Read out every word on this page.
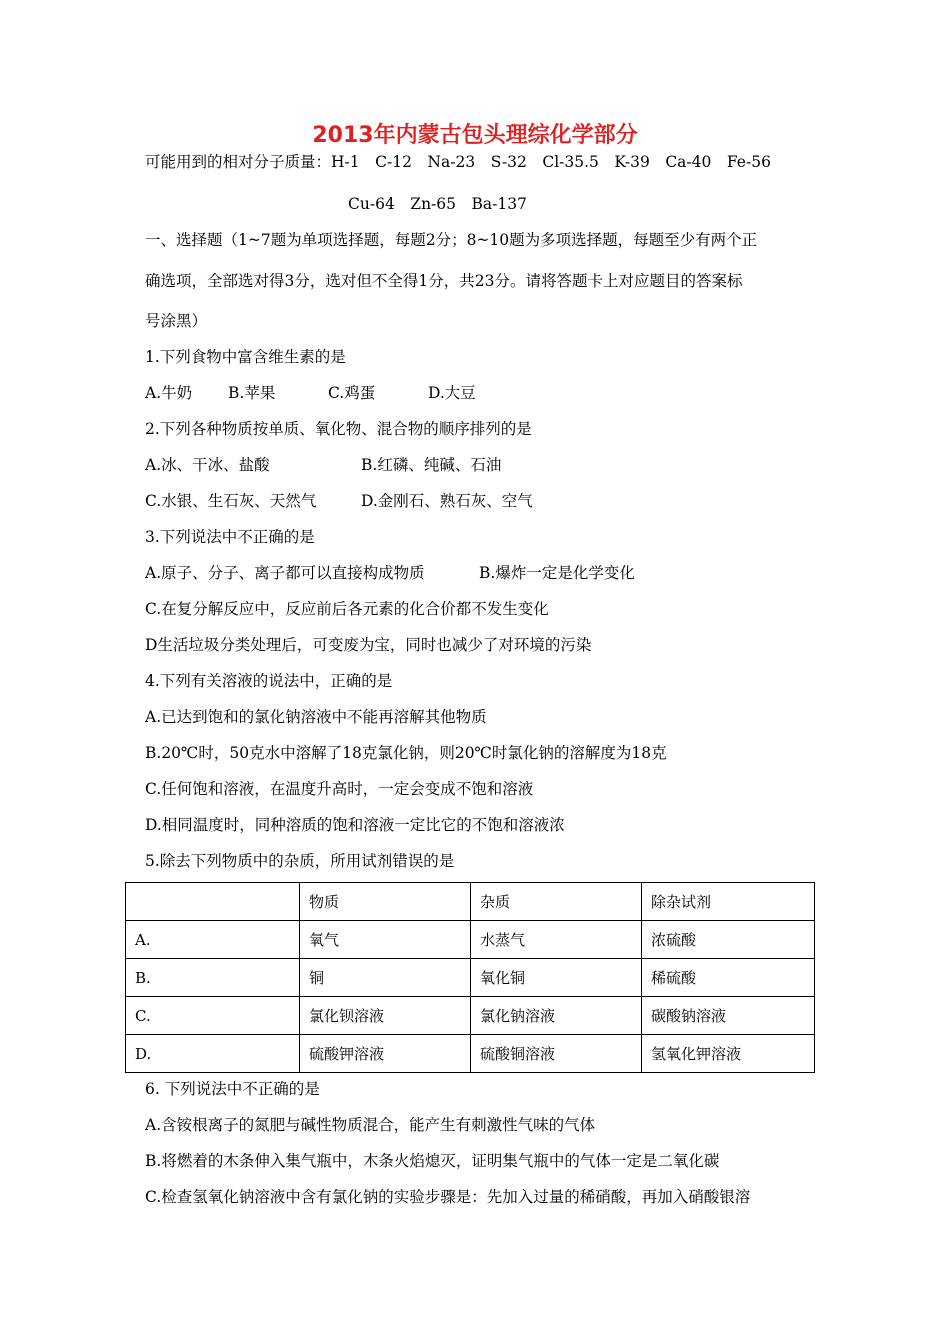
2013年内蒙古包头理综化学部分
可能用到的相对分子质量：H-1　C-12　Na-23　S-32　Cl-35.5　K-39　Ca-40　Fe-56
Cu-64　Zn-65　Ba-137
一、选择题（1~7题为单项选择题，每题2分；8~10题为多项选择题，每题至少有两个正
确选项，全部选对得3分，选对但不全得1分，共23分。请将答题卡上对应题目的答案标
号涂黑）
1.下列食物中富含维生素的是
A.牛奶 B.苹果	C.鸡蛋	D.大豆
2.下列各种物质按单质、氧化物、混合物的顺序排列的是
A.冰、干冰、盐酸	B.红磷、纯碱、石油
C.水银、生石灰、天然气	D.金刚石、熟石灰、空气
3.下列说法中不正确的是
A.原子、分子、离子都可以直接构成物质	B.爆炸一定是化学变化
C.在复分解反应中，反应前后各元素的化合价都不发生变化
D生活垃圾分类处理后，可变废为宝，同时也减少了对环境的污染
4.下列有关溶液的说法中，正确的是
A.已达到饱和的氯化钠溶液中不能再溶解其他物质
B.20℃时，50克水中溶解了18克氯化钠，则20℃时氯化钠的溶解度为18克
C.任何饱和溶液，在温度升高时，一定会变成不饱和溶液
D.相同温度时，同种溶质的饱和溶液一定比它的不饱和溶液浓
5.除去下列物质中的杂质，所用试剂错误的是
	物质	杂质	除杂试剂
A.	氧气	水蒸气	浓硫酸
B.	铜	氧化铜	稀硫酸
C.	氯化钡溶液	氯化钠溶液	碳酸钠溶液
D.	硫酸钾溶液	硫酸铜溶液	氢氧化钾溶液
6. 下列说法中不正确的是
A.含铵根离子的氮肥与碱性物质混合，能产生有刺激性气味的气体
B.将燃着的木条伸入集气瓶中，木条火焰熄灭，证明集气瓶中的气体一定是二氧化碳
C.检查氢氧化钠溶液中含有氯化钠的实验步骤是：先加入过量的稀硝酸，再加入硝酸银溶
